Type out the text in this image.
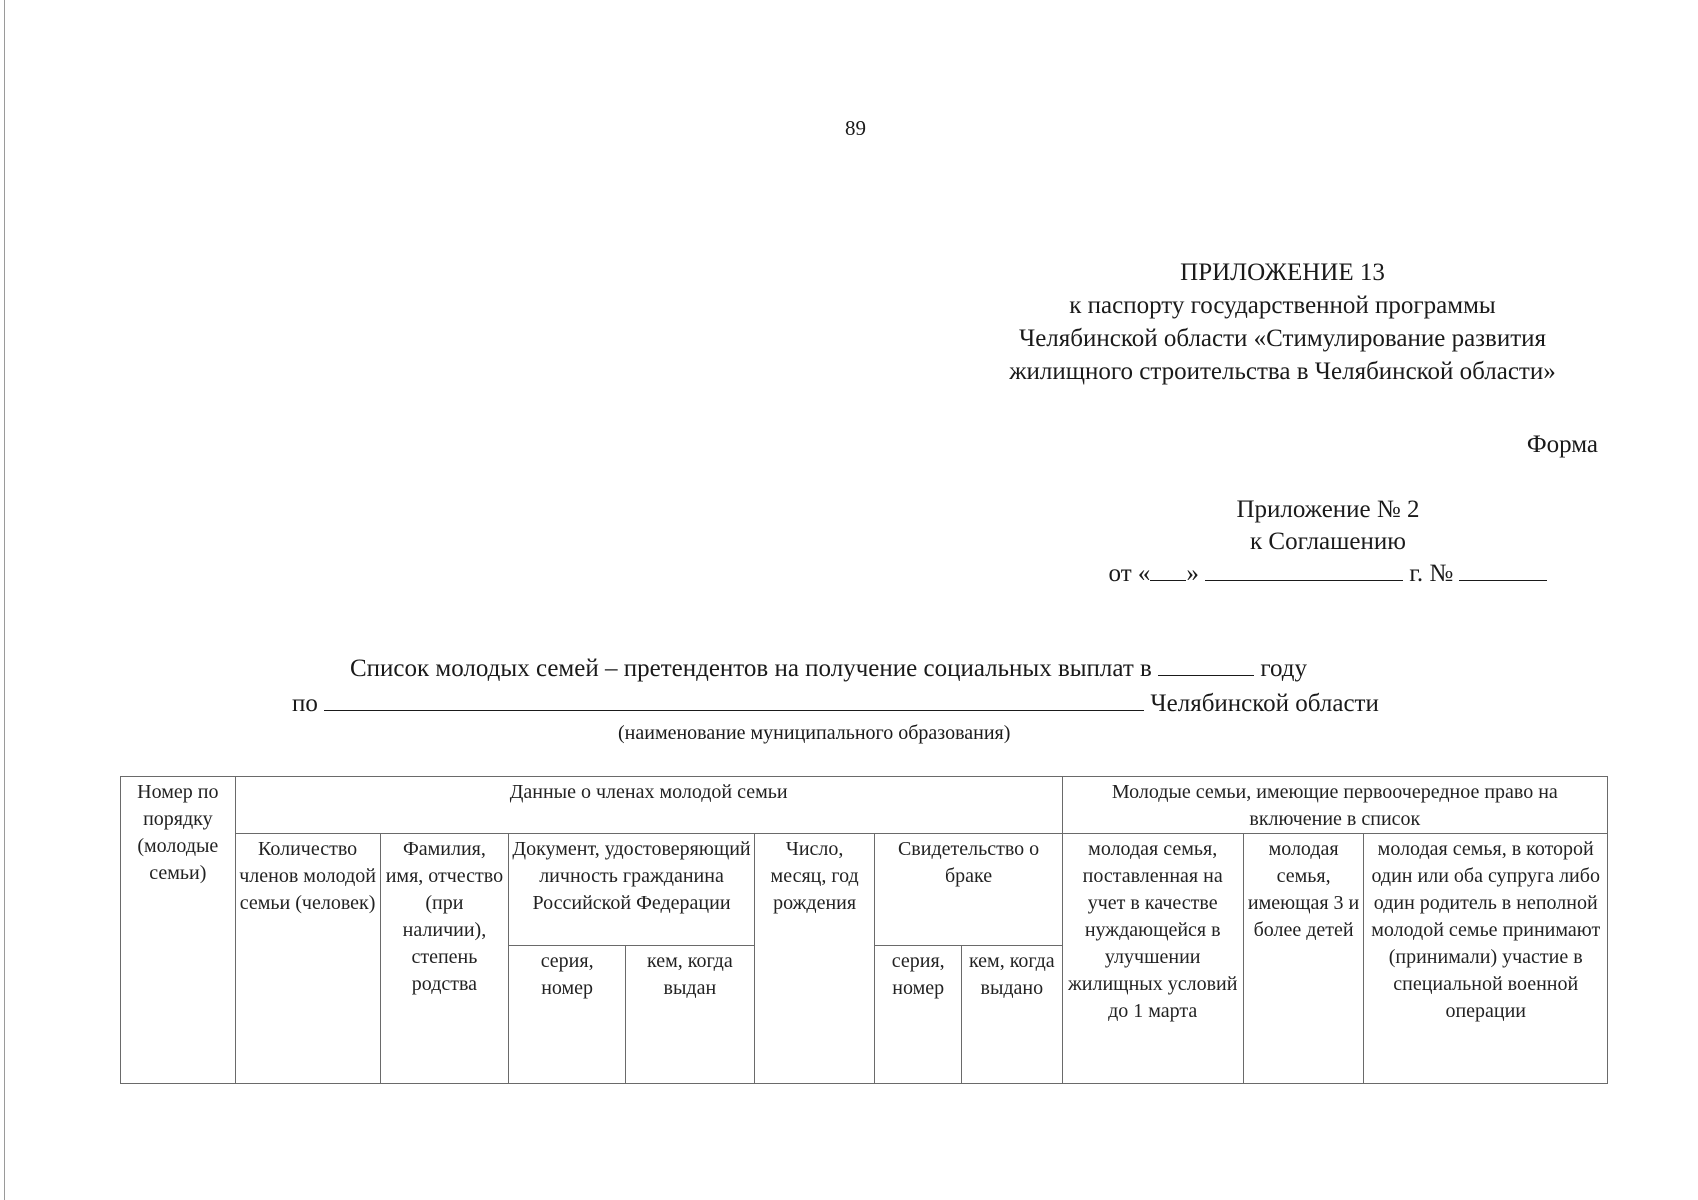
89
ПРИЛОЖЕНИЕ 13
к паспорту государственной программы
Челябинской области «Стимулирование развития
жилищного строительства в Челябинской области»
Форма
Приложение № 2
к Соглашению
от « »	г. №
Список молодых семей – претендентов на получение социальных выплат в	году
по	Челябинской области
(наименование муниципального образования)
Номер по порядку (молодые семьи)	Данные о членах молодой семьи							Молодые семьи, имеющие первоочередное право на включение в список		
	Количество членов молодой семьи (человек)	Фамилия, имя, отчество (при наличии), степень родства	Документ, удостоверяющий личность гражданина Российской Федерации		Число, месяц, год рождения	Свидетельство о браке		молодая семья, поставленная на учет в качестве нуждающейся в улучшении жилищных условий до 1 марта	молодая семья, имеющая 3 и более детей	молодая семья, в которой один или оба супруга либо один родитель в неполной молодой семье принимают (принимали) участие в специальной военной операции
			серия, номер	кем, когда выдан		серия, номер	кем, когда выдано			
